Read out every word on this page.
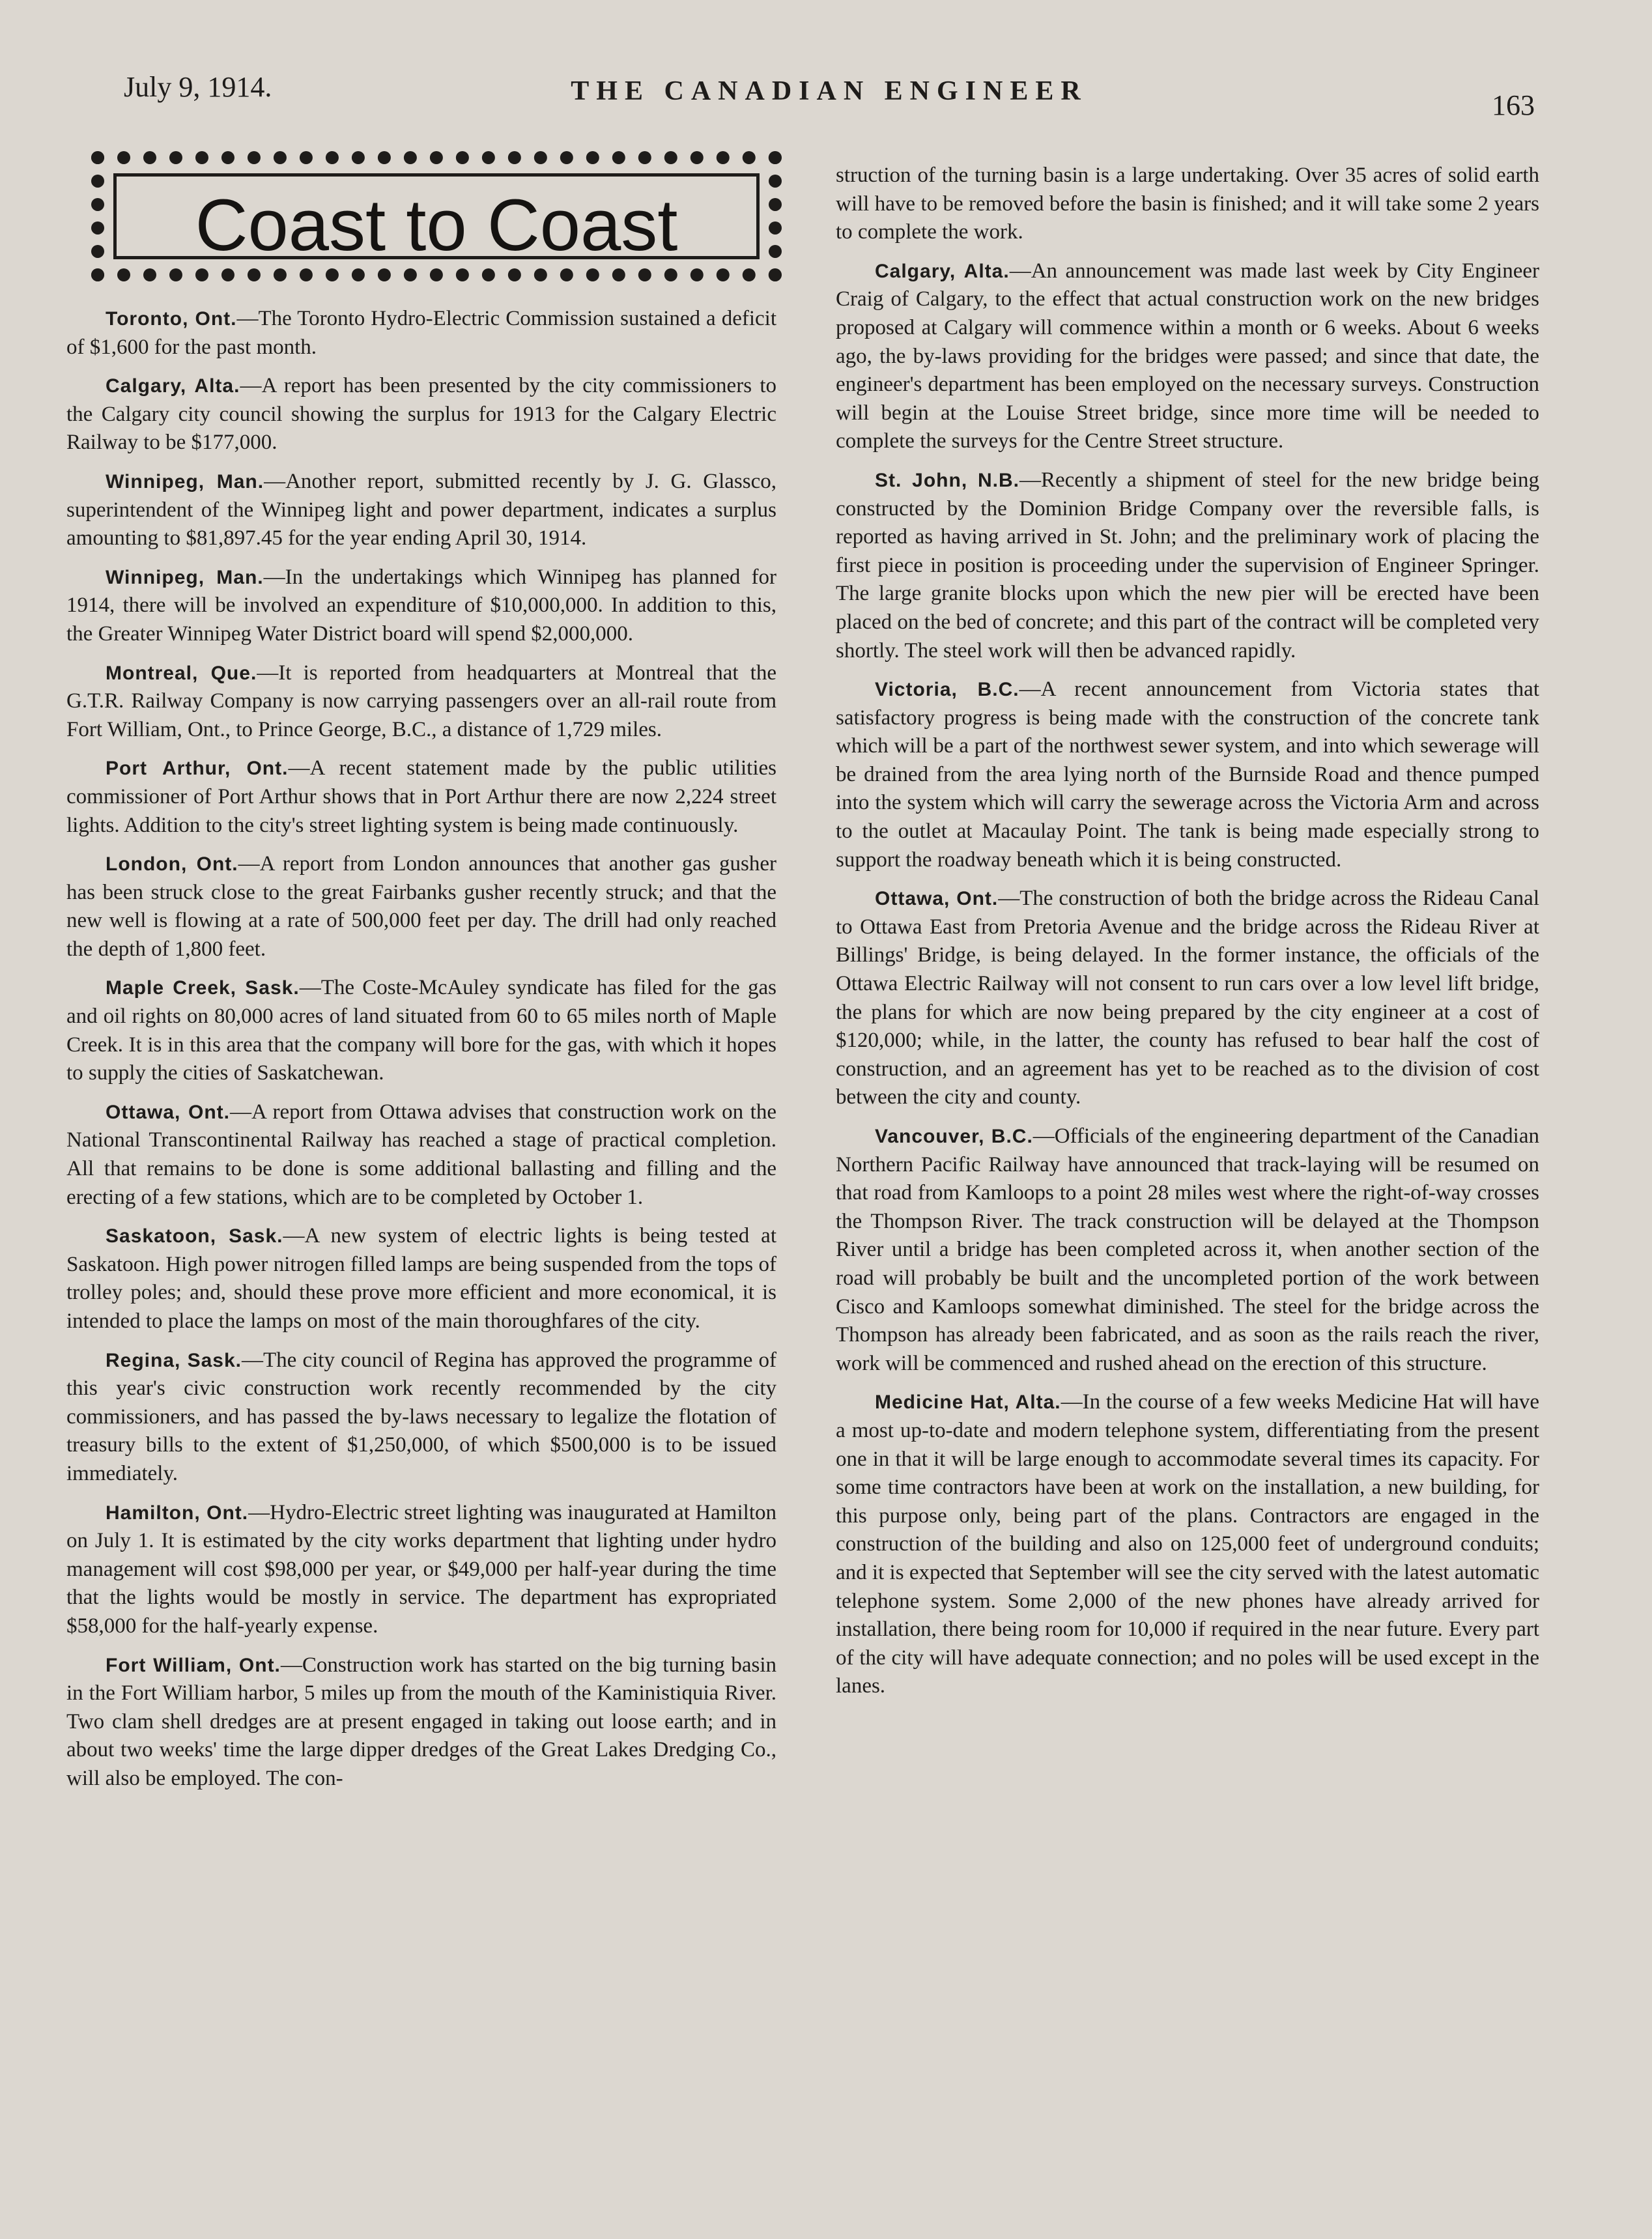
July 9, 1914.	THE CANADIAN ENGINEER	163
Coast to Coast

Toronto, Ont.—The Toronto Hydro-Electric Commission sustained a deficit of $1,600 for the past month.

Calgary, Alta.—A report has been presented by the city commissioners to the Calgary city council showing the surplus for 1913 for the Calgary Electric Railway to be $177,000.

Winnipeg, Man.—Another report, submitted recently by J. G. Glassco, superintendent of the Winnipeg light and power department, indicates a surplus amounting to $81,897.45 for the year ending April 30, 1914.

Winnipeg, Man.—In the undertakings which Winnipeg has planned for 1914, there will be involved an expenditure of $10,000,000. In addition to this, the Greater Winnipeg Water District board will spend $2,000,000.

Montreal, Que.—It is reported from headquarters at Montreal that the G.T.R. Railway Company is now carrying passengers over an all-rail route from Fort William, Ont., to Prince George, B.C., a distance of 1,729 miles.

Port Arthur, Ont.—A recent statement made by the public utilities commissioner of Port Arthur shows that in Port Arthur there are now 2,224 street lights. Addition to the city's street lighting system is being made continuously.

London, Ont.—A report from London announces that another gas gusher has been struck close to the great Fairbanks gusher recently struck; and that the new well is flowing at a rate of 500,000 feet per day. The drill had only reached the depth of 1,800 feet.

Maple Creek, Sask.—The Coste-McAuley syndicate has filed for the gas and oil rights on 80,000 acres of land situated from 60 to 65 miles north of Maple Creek. It is in this area that the company will bore for the gas, with which it hopes to supply the cities of Saskatchewan.

Ottawa, Ont.—A report from Ottawa advises that construction work on the National Transcontinental Railway has reached a stage of practical completion. All that remains to be done is some additional ballasting and filling and the erecting of a few stations, which are to be completed by October 1.

Saskatoon, Sask.—A new system of electric lights is being tested at Saskatoon. High power nitrogen filled lamps are being suspended from the tops of trolley poles; and, should these prove more efficient and more economical, it is intended to place the lamps on most of the main thoroughfares of the city.

Regina, Sask.—The city council of Regina has approved the programme of this year's civic construction work recently recommended by the city commissioners, and has passed the by-laws necessary to legalize the flotation of treasury bills to the extent of $1,250,000, of which $500,000 is to be issued immediately.

Hamilton, Ont.—Hydro-Electric street lighting was inaugurated at Hamilton on July 1. It is estimated by the city works department that lighting under hydro management will cost $98,000 per year, or $49,000 per half-year during the time that the lights would be mostly in service. The department has expropriated $58,000 for the half-yearly expense.

Fort William, Ont.—Construction work has started on the big turning basin in the Fort William harbor, 5 miles up from the mouth of the Kaministiquia River. Two clam shell dredges are at present engaged in taking out loose earth; and in about two weeks' time the large dipper dredges of the Great Lakes Dredging Co., will also be employed. The con-

struction of the turning basin is a large undertaking. Over 35 acres of solid earth will have to be removed before the basin is finished; and it will take some 2 years to complete the work.

Calgary, Alta.—An announcement was made last week by City Engineer Craig of Calgary, to the effect that actual construction work on the new bridges proposed at Calgary will commence within a month or 6 weeks. About 6 weeks ago, the by-laws providing for the bridges were passed; and since that date, the engineer's department has been employed on the necessary surveys. Construction will begin at the Louise Street bridge, since more time will be needed to complete the surveys for the Centre Street structure.

St. John, N.B.—Recently a shipment of steel for the new bridge being constructed by the Dominion Bridge Company over the reversible falls, is reported as having arrived in St. John; and the preliminary work of placing the first piece in position is proceeding under the supervision of Engineer Springer. The large granite blocks upon which the new pier will be erected have been placed on the bed of concrete; and this part of the contract will be completed very shortly. The steel work will then be advanced rapidly.

Victoria, B.C.—A recent announcement from Victoria states that satisfactory progress is being made with the construction of the concrete tank which will be a part of the northwest sewer system, and into which sewerage will be drained from the area lying north of the Burnside Road and thence pumped into the system which will carry the sewerage across the Victoria Arm and across to the outlet at Macaulay Point. The tank is being made especially strong to support the roadway beneath which it is being constructed.

Ottawa, Ont.—The construction of both the bridge across the Rideau Canal to Ottawa East from Pretoria Avenue and the bridge across the Rideau River at Billings' Bridge, is being delayed. In the former instance, the officials of the Ottawa Electric Railway will not consent to run cars over a low level lift bridge, the plans for which are now being prepared by the city engineer at a cost of $120,000; while, in the latter, the county has refused to bear half the cost of construction, and an agreement has yet to be reached as to the division of cost between the city and county.

Vancouver, B.C.—Officials of the engineering department of the Canadian Northern Pacific Railway have announced that track-laying will be resumed on that road from Kamloops to a point 28 miles west where the right-of-way crosses the Thompson River. The track construction will be delayed at the Thompson River until a bridge has been completed across it, when another section of the road will probably be built and the uncompleted portion of the work between Cisco and Kamloops somewhat diminished. The steel for the bridge across the Thompson has already been fabricated, and as soon as the rails reach the river, work will be commenced and rushed ahead on the erection of this structure.

Medicine Hat, Alta.—In the course of a few weeks Medicine Hat will have a most up-to-date and modern telephone system, differentiating from the present one in that it will be large enough to accommodate several times its capacity. For some time contractors have been at work on the installation, a new building, for this purpose only, being part of the plans. Contractors are engaged in the construction of the building and also on 125,000 feet of underground conduits; and it is expected that September will see the city served with the latest automatic telephone system. Some 2,000 of the new phones have already arrived for installation, there being room for 10,000 if required in the near future. Every part of the city will have adequate connection; and no poles will be used except in the lanes.
